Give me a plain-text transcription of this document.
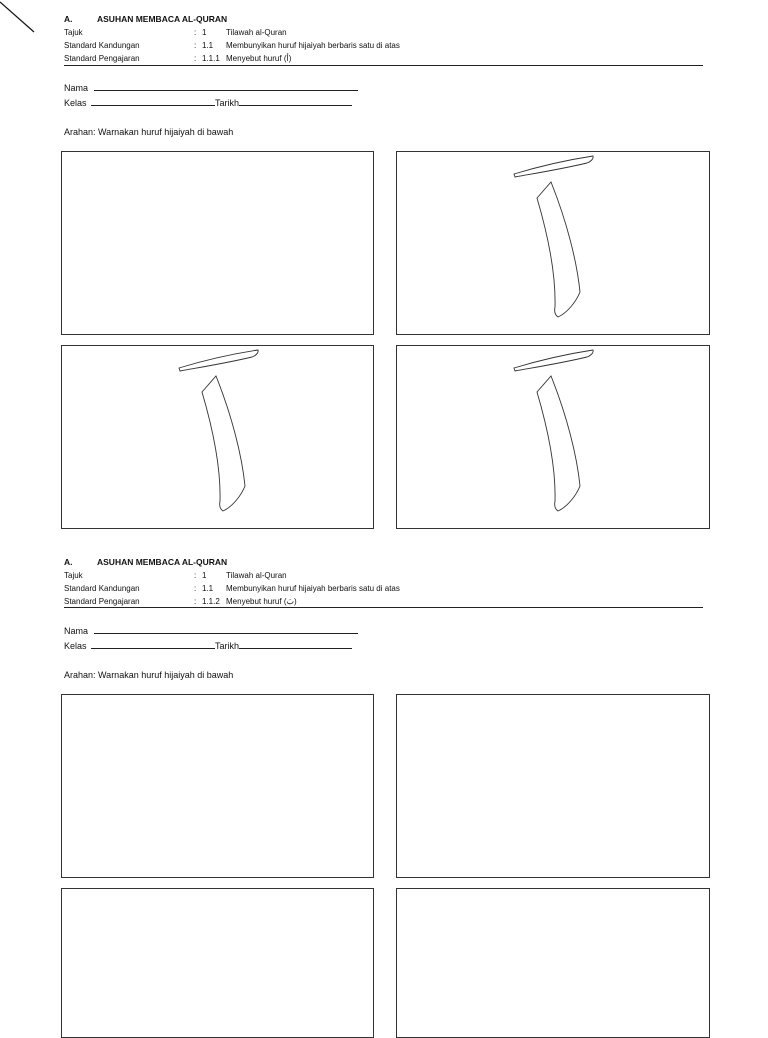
A.	ASUHAN MEMBACA AL-QURAN
Tajuk	: 1 Tilawah al-Quran
Standard Kandungan	: 1.1 Membunyikan huruf hijaiyah berbaris satu di atas
Standard Pengajaran	: 1.1.1 Menyebut huruf (أ)
Nama
Kelas	Tarikh
Arahan: Warnakan huruf hijaiyah di bawah
A.	ASUHAN MEMBACA AL-QURAN
Tajuk	: 1 Tilawah al-Quran
Standard Kandungan	: 1.1 Membunyikan huruf hijaiyah berbaris satu di atas
Standard Pengajaran	: 1.1.2 Menyebut huruf (بَ)
Nama
Kelas	Tarikh
Arahan: Warnakan huruf hijaiyah di bawah
